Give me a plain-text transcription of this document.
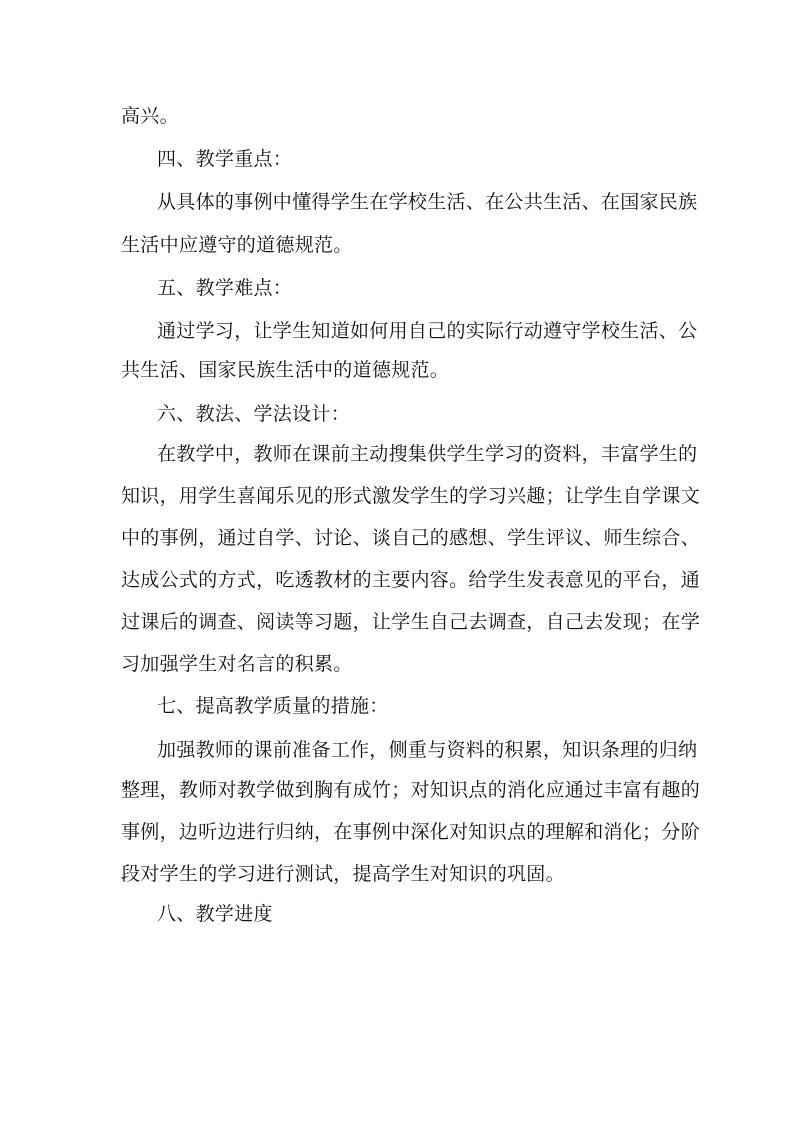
高兴。
四、教学重点：
从具体的事例中懂得学生在学校生活、在公共生活、在国家民族
生活中应遵守的道德规范。
五、教学难点：
通过学习，让学生知道如何用自己的实际行动遵守学校生活、公
共生活、国家民族生活中的道德规范。
六、教法、学法设计：
在教学中，教师在课前主动搜集供学生学习的资料，丰富学生的
知识，用学生喜闻乐见的形式激发学生的学习兴趣；让学生自学课文
中的事例，通过自学、讨论、谈自己的感想、学生评议、师生综合、
达成公式的方式，吃透教材的主要内容。给学生发表意见的平台，通
过课后的调查、阅读等习题，让学生自己去调查，自己去发现；在学
习加强学生对名言的积累。
七、提高教学质量的措施：
加强教师的课前准备工作，侧重与资料的积累，知识条理的归纳
整理，教师对教学做到胸有成竹；对知识点的消化应通过丰富有趣的
事例，边听边进行归纳，在事例中深化对知识点的理解和消化；分阶
段对学生的学习进行测试，提高学生对知识的巩固。
八、教学进度
